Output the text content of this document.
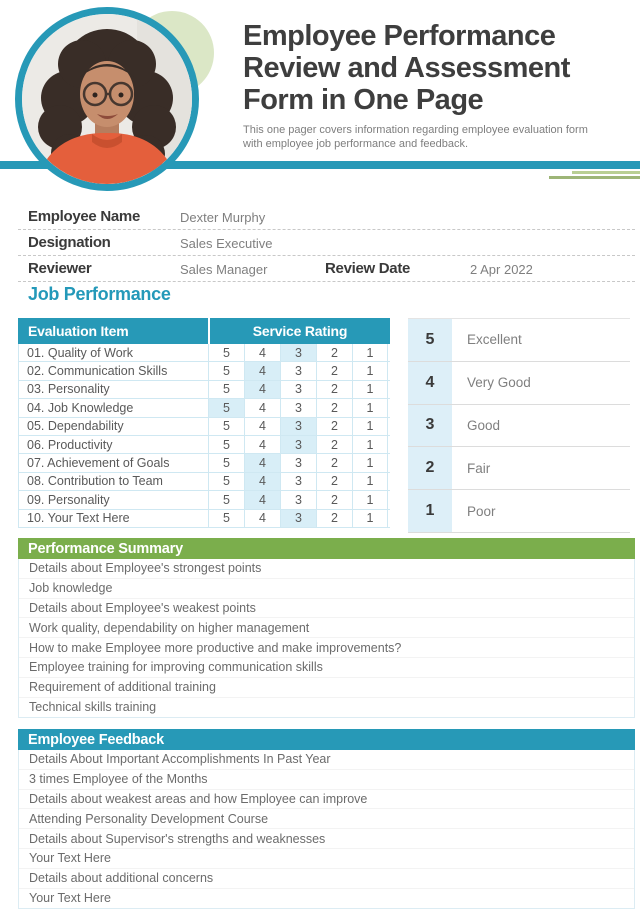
Employee Performance
Review and Assessment
Form in One Page
This one pager covers information regarding employee evaluation form with employee job performance and feedback.
Employee Name	Dexter Murphy
Designation	Sales Executive
Reviewer	Sales Manager	Review Date	2 Apr 2022
Job Performance
Evaluation Item	Service Rating
01. Quality of Work	5	4	3	2	1
02. Communication Skills	5	4	3	2	1
03. Personality	5	4	3	2	1
04. Job Knowledge	5	4	3	2	1
05. Dependability	5	4	3	2	1
06. Productivity	5	4	3	2	1
07. Achievement of Goals	5	4	3	2	1
08. Contribution to Team	5	4	3	2	1
09. Personality	5	4	3	2	1
10. Your Text Here	5	4	3	2	1
5	Excellent
4	Very Good
3	Good
2	Fair
1	Poor
Performance Summary
Details about Employee's strongest points
Job knowledge
Details about Employee's weakest points
Work quality, dependability on higher management
How to make Employee more productive and make improvements?
Employee training for improving communication skills
Requirement of additional training
Technical skills training
Employee Feedback
Details About Important Accomplishments In Past Year
3 times Employee of the Months
Details about weakest areas and how Employee can improve
Attending Personality Development Course
Details about Supervisor's strengths and weaknesses
Your Text Here
Details about additional concerns
Your Text Here
